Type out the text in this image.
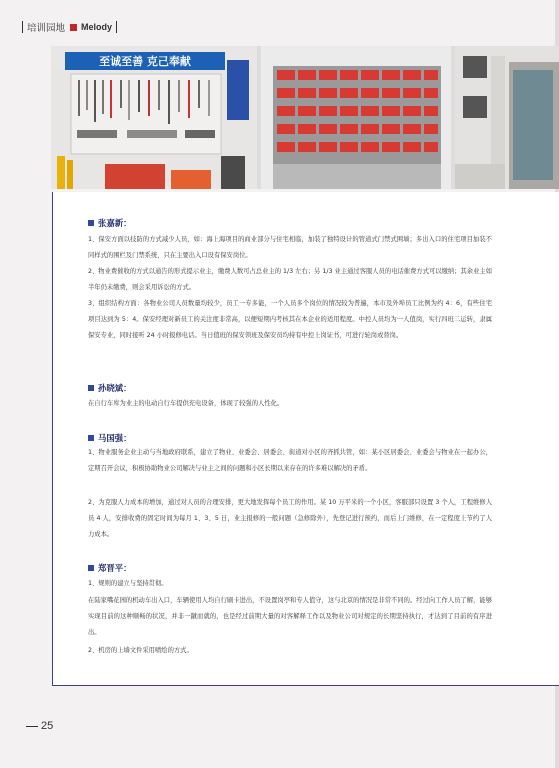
培训园地 Melody
至诚至善 克己奉献
张嘉新：
1、保安方面以技防的方式减少人员，如：海上海项目的商业部分与住宅相临，加装了独特设计的管道式门禁式围墙；多出入口的住宅项目加装不同样式的围栏及门禁系统，只在主要出入口设有保安岗位。
2、物业费催收的方式以通告的形式提示业主，缴费人数可占总业主的 1/3 左右；另 1/3 业主通过客服人员的电话催费方式可以缴纳；其余业主如半年仍未缴费，则会采用诉讼的方式。
3、组织结构方面：各物业公司人员数量均较少，员工一专多能，一个人员多个岗位的情况较为普遍，本市及外埠员工比例为约 4：6，有些住宅项目达到为 5：4。保安经理对新员工的关注度非常高，以便短期内考核其在本企业的适用程度。中控人员均为一人值岗，实行四班二运转，隶属保安专业，同时接听 24 小时报修电话。当日值班的保安领班及保安员均持有中控上岗证书，可进行轮岗或替岗。
孙晓斌：
在自行车库为业主的电动自行车提供充电设备，体现了较强的人性化。
马国强：
1、物业服务企业主动与当地政府联系，建立了物业、业委会、居委会、街道对小区的齐抓共管，如：某小区居委会、业委会与物业在一起办公，定期召开会议，积极协助物业公司解决与业主之间的问题和小区长期以来存在的许多难以解决的矛盾。
2、为克服人力成本的增加，通过对人员的合理安排，更大地发挥每个员工的作用。某 10 万平米的一个小区，客服部只设置 3 个人，工程维修人员 4 人，安排收费的固定时间为每月 1、3、5 日，业主报修的一般问题（急修除外），先登记进行预约，而后上门维修，在一定程度上节约了人力成本。
郑晋平：
1、规则的建立与坚持贯彻。
在陆家嘴花园的机动车出入口，车辆使用人均自行刷卡进出，不设置岗亭和专人值守，这与北京的情况是非常不同的。经过向工作人员了解，能够实现目前的这种顺畅的状况，并非一蹴而就的，也是经过前期大量的对客解释工作以及物业公司对规定的长期坚持执行，才达到了目前的有序进出。
2、机房的上墙文件采用喷绘的方式。
25
